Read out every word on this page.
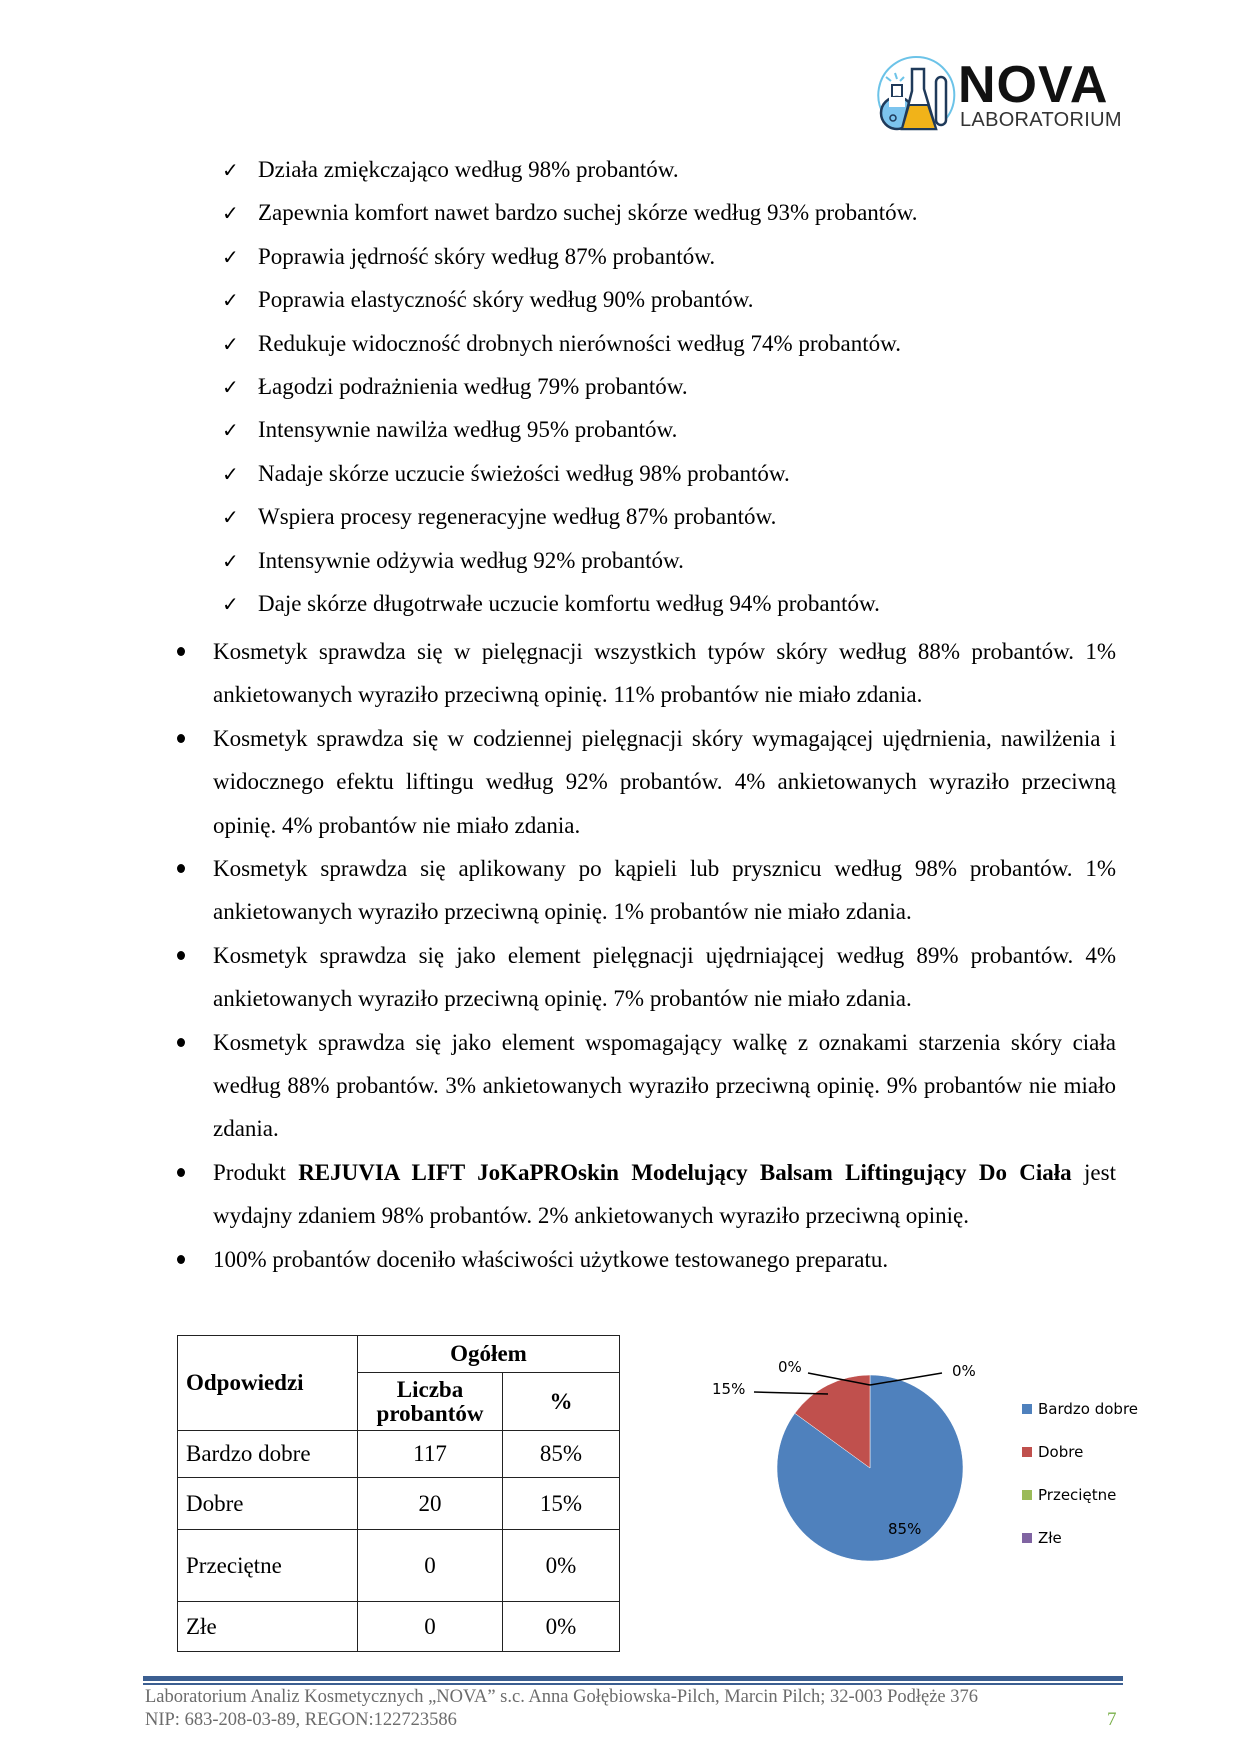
NOVA
LABORATORIUM
✓ Działa zmiękczająco według 98% probantów.
✓ Zapewnia komfort nawet bardzo suchej skórze według 93% probantów.
✓ Poprawia jędrność skóry według 87% probantów.
✓ Poprawia elastyczność skóry według 90% probantów.
✓ Redukuje widoczność drobnych nierówności według 74% probantów.
✓ Łagodzi podrażnienia według 79% probantów.
✓ Intensywnie nawilża według 95% probantów.
✓ Nadaje skórze uczucie świeżości według 98% probantów.
✓ Wspiera procesy regeneracyjne według 87% probantów.
✓ Intensywnie odżywia według 92% probantów.
✓ Daje skórze długotrwałe uczucie komfortu według 94% probantów.
Kosmetyk sprawdza się w pielęgnacji wszystkich typów skóry według 88% probantów. 1% ankietowanych wyraziło przeciwną opinię. 11% probantów nie miało zdania.
Kosmetyk sprawdza się w codziennej pielęgnacji skóry wymagającej ujędrnienia, nawilżenia i widocznego efektu liftingu według 92% probantów. 4% ankietowanych wyraziło przeciwną opinię. 4% probantów nie miało zdania.
Kosmetyk sprawdza się aplikowany po kąpieli lub prysznicu według 98% probantów. 1% ankietowanych wyraziło przeciwną opinię. 1% probantów nie miało zdania.
Kosmetyk sprawdza się jako element pielęgnacji ujędrniającej według 89% probantów. 4% ankietowanych wyraziło przeciwną opinię. 7% probantów nie miało zdania.
Kosmetyk sprawdza się jako element wspomagający walkę z oznakami starzenia skóry ciała według 88% probantów. 3% ankietowanych wyraziło przeciwną opinię. 9% probantów nie miało zdania.
Produkt REJUVIA LIFT JoKaPROskin Modelujący Balsam Liftingujący Do Ciała jest wydajny zdaniem 98% probantów. 2% ankietowanych wyraziło przeciwną opinię.
100% probantów doceniło właściwości użytkowe testowanego preparatu.
Odpowiedzi	Ogółem	
	Liczba probantów	%
Bardzo dobre	117	85%
Dobre	20	15%
Przeciętne	0	0%
Złe	0	0%
15%
0%	0%
85%
Bardzo dobre
Dobre
Przeciętne
Złe
Laboratorium Analiz Kosmetycznych „NOVA” s.c. Anna Gołębiowska-Pilch, Marcin Pilch; 32-003 Podłęże 376
NIP: 683-208-03-89, REGON:122723586	7
